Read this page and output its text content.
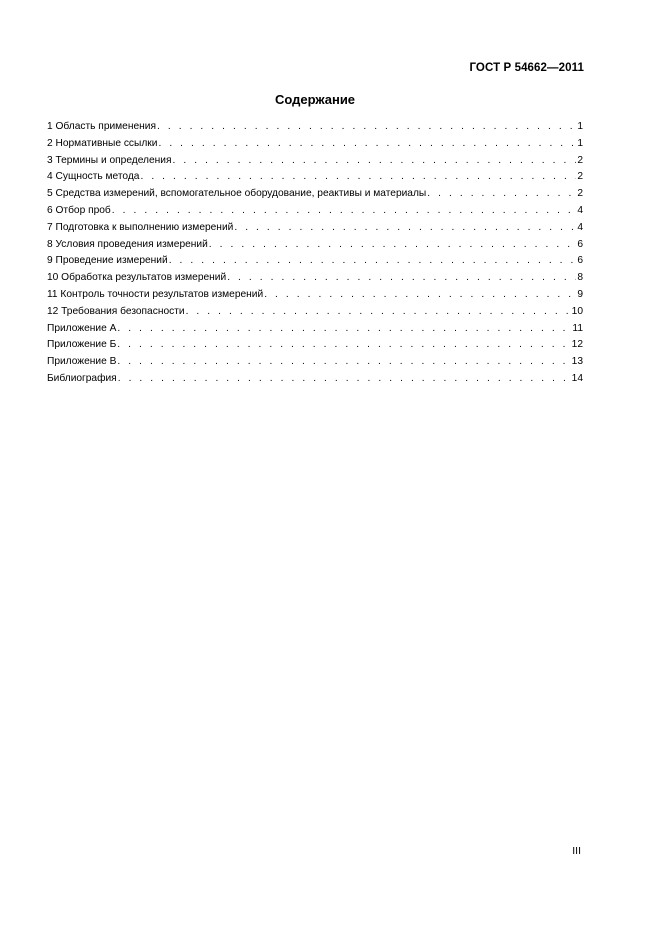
ГОСТ Р 54662—2011
Содержание
1 Область применения . . .	1
2 Нормативные ссылки . . .	1
3 Термины и определения . . .	2
4 Сущность метода . . .	2
5 Средства измерений, вспомогательное оборудование, реактивы и материалы . . .	2
6 Отбор проб . . .	4
7 Подготовка к выполнению измерений . . .	4
8 Условия проведения измерений . . .	6
9 Проведение измерений . . .	6
10 Обработка результатов измерений . . .	8
11 Контроль точности результатов измерений . . .	9
12 Требования безопасности . . .	10
Приложение А . . .	11
Приложение Б . . .	12
Приложение В . . .	13
Библиография . . .	14
III
